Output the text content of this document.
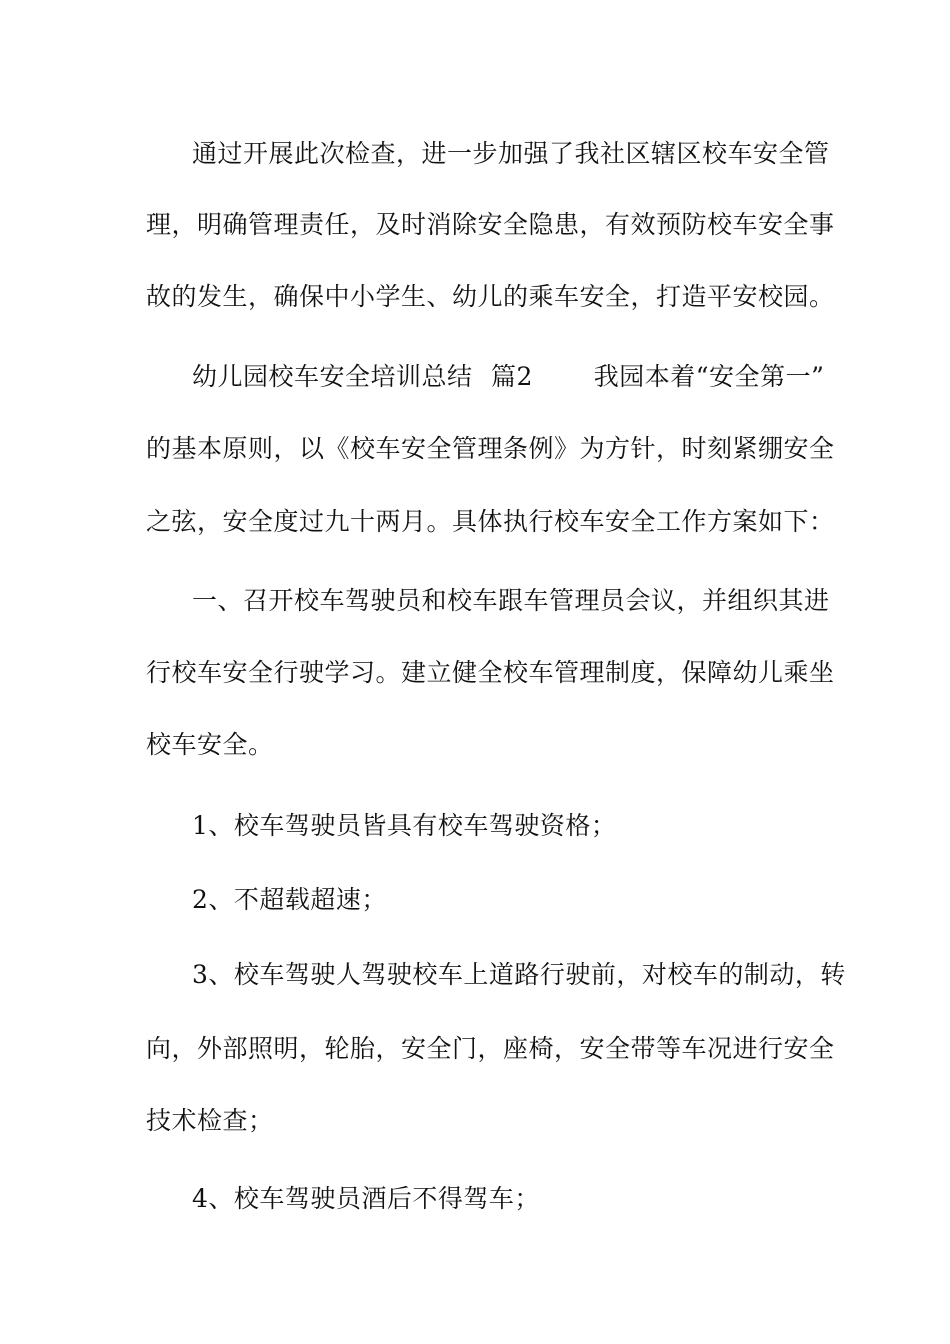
通过开展此次检查，进一步加强了我社区辖区校车安全管
理，明确管理责任，及时消除安全隐患，有效预防校车安全事
故的发生，确保中小学生、幼儿的乘车安全，打造平安校园。
幼儿园校车安全培训总结 篇2 我园本着“安全第一”
的基本原则，以《校车安全管理条例》为方针，时刻紧绷安全
之弦，安全度过九十两月。具体执行校车安全工作方案如下：
一、召开校车驾驶员和校车跟车管理员会议，并组织其进
行校车安全行驶学习。建立健全校车管理制度，保障幼儿乘坐
校车安全。
1、校车驾驶员皆具有校车驾驶资格；
2、不超载超速；
3、校车驾驶人驾驶校车上道路行驶前，对校车的制动，转
向，外部照明，轮胎，安全门，座椅，安全带等车况进行安全
技术检查；
4、校车驾驶员酒后不得驾车；
